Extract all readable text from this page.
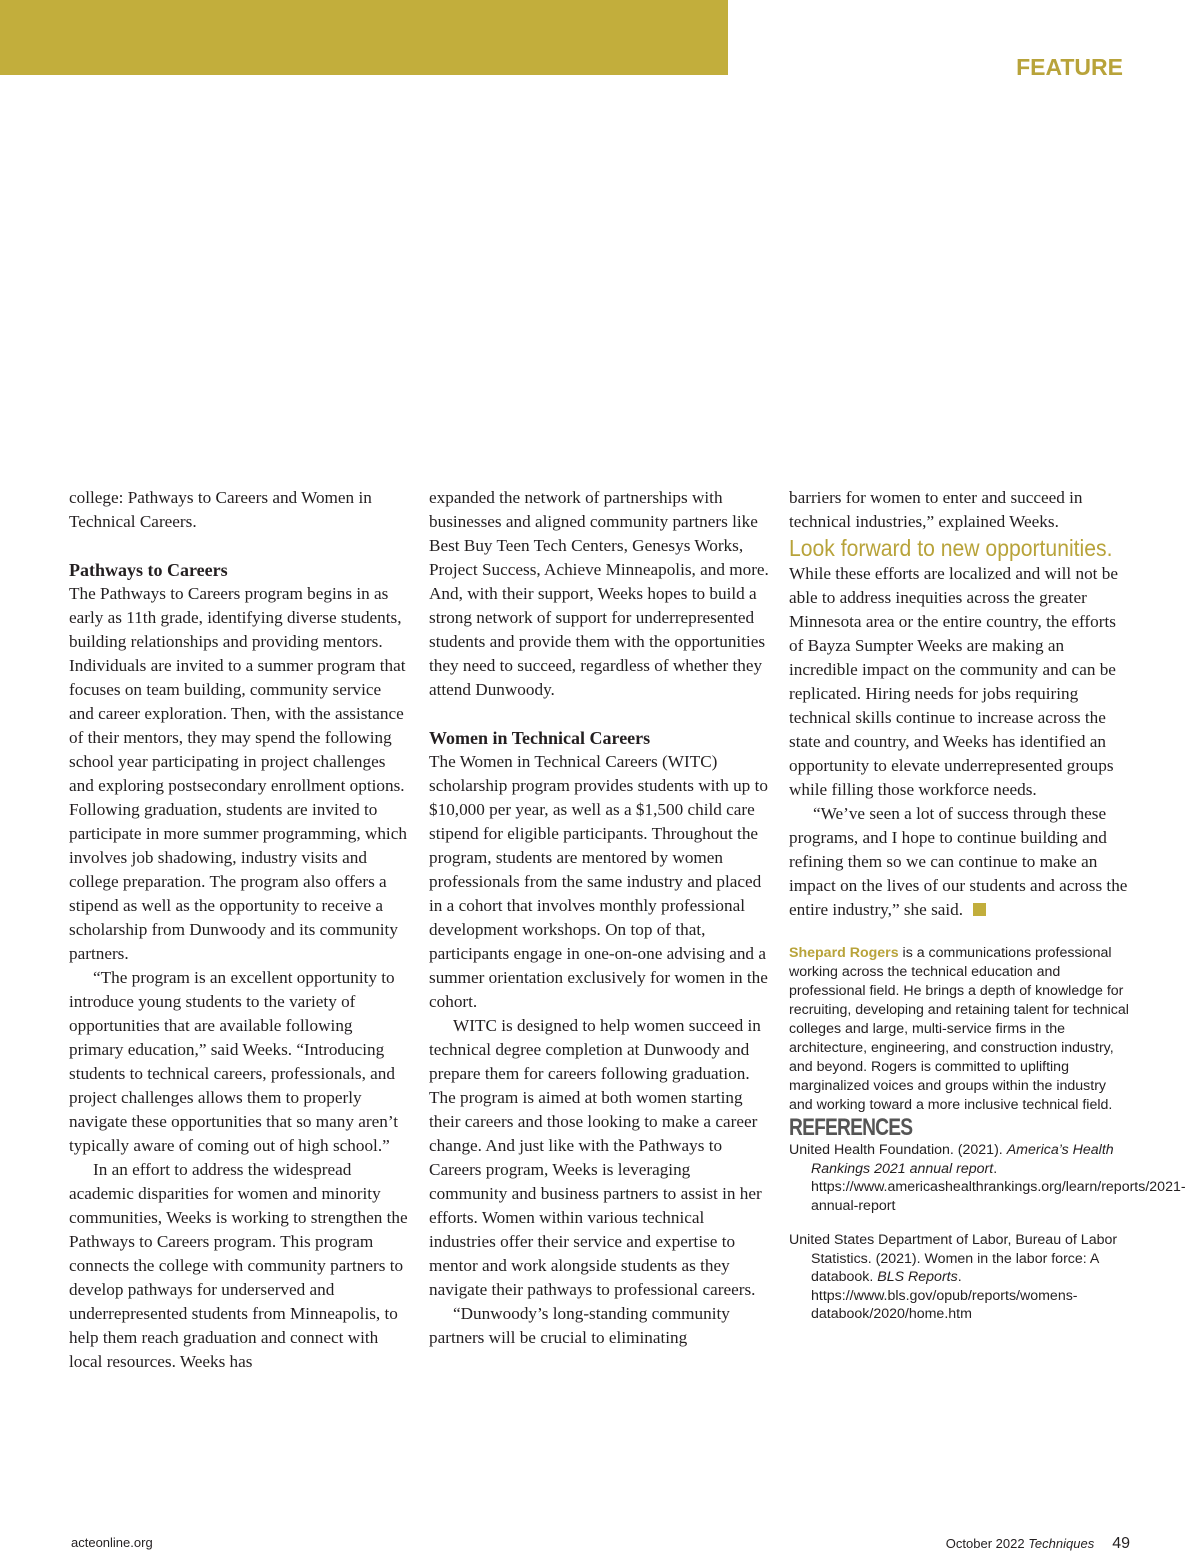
FEATURE

college: Pathways to Careers and Women in Technical Careers.

Pathways to Careers

The Pathways to Careers program begins in as early as 11th grade, identifying diverse students, building relationships and providing mentors. Individuals are invited to a summer program that focuses on team building, community service and career exploration. Then, with the assistance of their mentors, they may spend the following school year participating in project challenges and exploring postsecondary enrollment options. Following graduation, students are invited to participate in more summer programming, which involves job shadowing, industry visits and college preparation. The program also offers a stipend as well as the opportunity to receive a scholarship from Dunwoody and its community partners.

“The program is an excellent opportunity to introduce young students to the variety of opportunities that are available following primary education,” said Weeks. “Introducing students to technical careers, professionals, and project challenges allows them to properly navigate these opportunities that so many aren’t typically aware of coming out of high school.”

In an effort to address the widespread academic disparities for women and minority communities, Weeks is working to strengthen the Pathways to Careers program. This program connects the college with community partners to develop pathways for underserved and underrepresented students from Minneapolis, to help them reach graduation and connect with local resources. Weeks has

expanded the network of partnerships with businesses and aligned community partners like Best Buy Teen Tech Centers, Genesys Works, Project Success, Achieve Minneapolis, and more. And, with their support, Weeks hopes to build a strong network of support for underrepresented students and provide them with the opportunities they need to succeed, regardless of whether they attend Dunwoody.

Women in Technical Careers

The Women in Technical Careers (WITC) scholarship program provides students with up to $10,000 per year, as well as a $1,500 child care stipend for eligible participants. Throughout the program, students are mentored by women professionals from the same industry and placed in a cohort that involves monthly professional development workshops. On top of that, participants engage in one-on-one advising and a summer orientation exclusively for women in the cohort.

WITC is designed to help women succeed in technical degree completion at Dunwoody and prepare them for careers following graduation. The program is aimed at both women starting their careers and those looking to make a career change. And just like with the Pathways to Careers program, Weeks is leveraging community and business partners to assist in her efforts. Women within various technical industries offer their service and expertise to mentor and work alongside students as they navigate their pathways to professional careers.

“Dunwoody’s long-standing community partners will be crucial to eliminating

barriers for women to enter and succeed in technical industries,” explained Weeks.

Look forward to new opportunities.

While these efforts are localized and will not be able to address inequities across the greater Minnesota area or the entire country, the efforts of Bayza Sumpter Weeks are making an incredible impact on the community and can be replicated. Hiring needs for jobs requiring technical skills continue to increase across the state and country, and Weeks has identified an opportunity to elevate underrepresented groups while filling those workforce needs.

“We’ve seen a lot of success through these programs, and I hope to continue building and refining them so we can continue to make an impact on the lives of our students and across the entire industry,” she said.

Shepard Rogers is a communications professional working across the technical education and professional field. He brings a depth of knowledge for recruiting, developing and retaining talent for technical colleges and large, multi-service firms in the architecture, engineering, and construction industry, and beyond. Rogers is committed to uplifting marginalized voices and groups within the industry and working toward a more inclusive technical field.

REFERENCES

United Health Foundation. (2021). America’s Health Rankings 2021 annual report. https://www.americashealthrankings.org/learn/reports/2021-annual-report

United States Department of Labor, Bureau of Labor Statistics. (2021). Women in the labor force: A databook. BLS Reports. https://www.bls.gov/opub/reports/womens-databook/2020/home.htm

acteonline.org	October 2022 Techniques 49
